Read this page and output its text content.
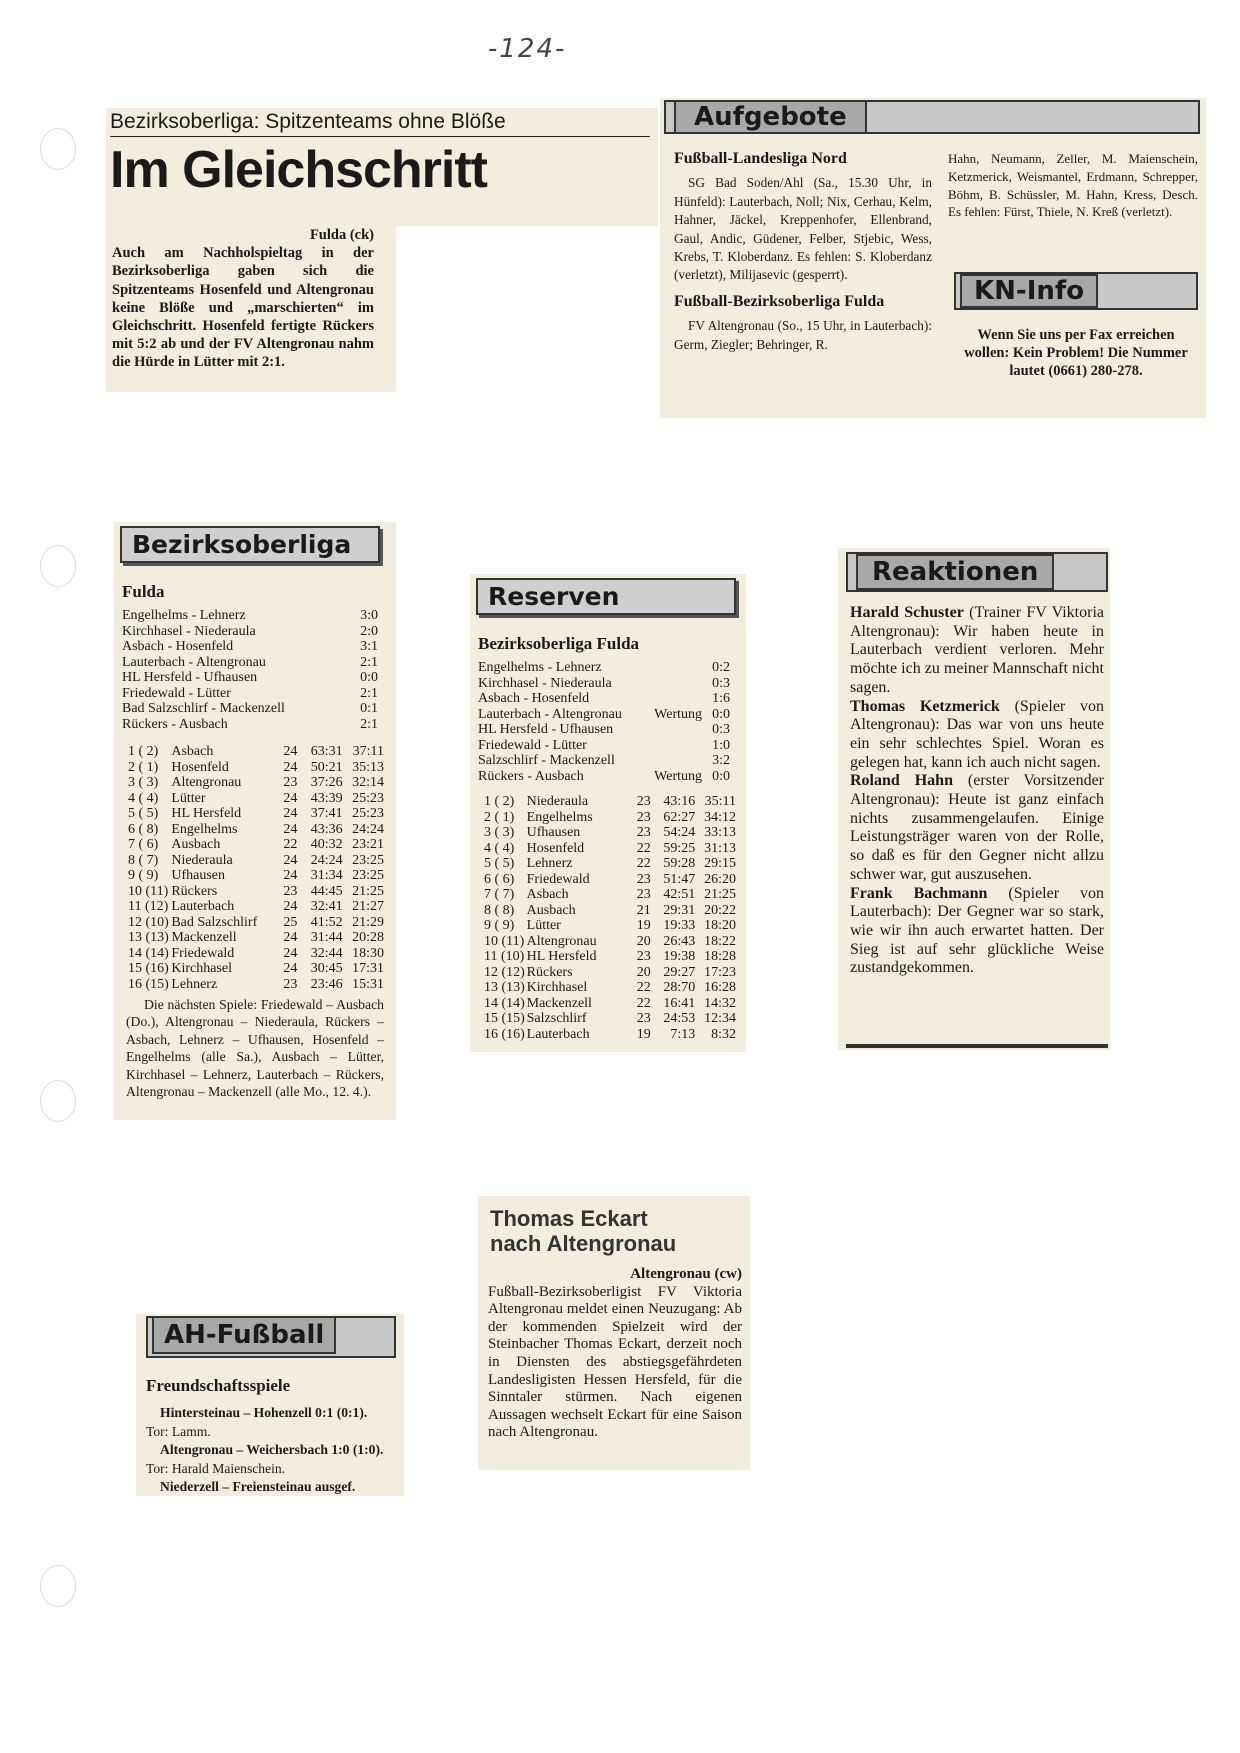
-124-
Bezirksoberliga: Spitzenteams ohne Blöße
Im Gleichschritt
Fulda (ck)
Auch am Nachholspieltag in der Bezirksoberliga gaben sich die Spitzenteams Hosenfeld und Altengronau keine Blöße und „marschierten“ im Gleichschritt. Hosenfeld fertigte Rückers mit 5:2 ab und der FV Altengronau nahm die Hürde in Lütter mit 2:1.
Aufgebote

Fußball-Landesliga Nord

SG Bad Soden/Ahl (Sa., 15.30 Uhr, in Hünfeld): Lauterbach, Noll; Nix, Cerhau, Kelm, Hahner, Jäckel, Kreppenhofer, Ellenbrand, Gaul, Andic, Güdener, Felber, Stjebic, Wess, Krebs, T. Kloberdanz. Es fehlen: S. Kloberdanz (verletzt), Milijasevic (gesperrt).

Fußball-Bezirksoberliga Fulda

FV Altengronau (So., 15 Uhr, in Lauterbach): Germ, Ziegler; Behringer, R.

Hahn, Neumann, Zeller, M. Maienschein, Ketzmerick, Weismantel, Erdmann, Schrepper, Böhm, B. Schüssler, M. Hahn, Kress, Desch. Es fehlen: Fürst, Thiele, N. Kreß (verletzt).
KN-Info
Wenn Sie uns per Fax erreichen wollen: Kein Problem! Die Nummer lautet (0661) 280-278.
Bezirksoberliga
Fulda
Engelhelms - Lehnerz	3:0
Kirchhasel - Niederaula	2:0
Asbach - Hosenfeld	3:1
Lauterbach - Altengronau	2:1
HL Hersfeld - Ufhausen	0:0
Friedewald - Lütter	2:1
Bad Salzschlirf - Mackenzell	0:1
Rückers - Ausbach	2:1
1 ( 2) Asbach	24 63:31 37:11
2 ( 1) Hosenfeld	24 50:21 35:13
3 ( 3) Altengronau	23 37:26 32:14
4 ( 4) Lütter	24 43:39 25:23
5 ( 5) HL Hersfeld	24 37:41 25:23
6 ( 8) Engelhelms	24 43:36 24:24
7 ( 6) Ausbach	22 40:32 23:21
8 ( 7) Niederaula	24 24:24 23:25
9 ( 9) Ufhausen	24 31:34 23:25
10 (11) Rückers	23 44:45 21:25
11 (12) Lauterbach	24 32:41 21:27
12 (10) Bad Salzschlirf	25 41:52 21:29
13 (13) Mackenzell	24 31:44 20:28
14 (14) Friedewald	24 32:44 18:30
15 (16) Kirchhasel	24 30:45 17:31
16 (15) Lehnerz	23 23:46 15:31
Die nächsten Spiele: Friedewald – Ausbach (Do.), Altengronau – Niederaula, Rückers – Asbach, Lehnerz – Ufhausen, Hosenfeld – Engelhelms (alle Sa.), Ausbach – Lütter, Kirchhasel – Lehnerz, Lauterbach – Rückers, Altengronau – Mackenzell (alle Mo., 12. 4.).
Reserven
Bezirksoberliga Fulda
Engelhelms - Lehnerz	0:2
Kirchhasel - Niederaula	0:3
Asbach - Hosenfeld	1:6
Lauterbach - Altengronau	Wertung 0:0
HL Hersfeld - Ufhausen	0:3
Friedewald - Lütter	1:0
Salzschlirf - Mackenzell	3:2
Rückers - Ausbach	Wertung 0:0
1 ( 2) Niederaula	23 43:16 35:11
2 ( 1) Engelhelms	23 62:27 34:12
3 ( 3) Ufhausen	23 54:24 33:13
4 ( 4) Hosenfeld	22 59:25 31:13
5 ( 5) Lehnerz	22 59:28 29:15
6 ( 6) Friedewald	23 51:47 26:20
7 ( 7) Asbach	23 42:51 21:25
8 ( 8) Ausbach	21 29:31 20:22
9 ( 9) Lütter	19 19:33 18:20
10 (11) Altengronau	20 26:43 18:22
11 (10) HL Hersfeld	23 19:38 18:28
12 (12) Rückers	20 29:27 17:23
13 (13) Kirchhasel	22 28:70 16:28
14 (14) Mackenzell	22 16:41 14:32
15 (15) Salzschlirf	23 24:53 12:34
16 (16) Lauterbach	19	7:13	8:32
Reaktionen

Harald Schuster (Trainer FV Viktoria Altengronau): Wir haben heute in Lauterbach verdient verloren. Mehr möchte ich zu meiner Mannschaft nicht sagen.

Thomas Ketzmerick (Spieler von Altengronau): Das war von uns heute ein sehr schlechtes Spiel. Woran es gelegen hat, kann ich auch nicht sagen.

Roland Hahn (erster Vorsitzender Altengronau): Heute ist ganz einfach nichts zusammengelaufen. Einige Leistungsträger waren von der Rolle, so daß es für den Gegner nicht allzu schwer war, gut auszusehen.

Frank Bachmann (Spieler von Lauterbach): Der Gegner war so stark, wie wir ihn auch erwartet hatten. Der Sieg ist auf sehr glückliche Weise zustandgekommen.

Thomas Eckart
nach Altengronau
Altengronau (cw)
Fußball-Bezirksoberligist FV Viktoria Altengronau meldet einen Neuzugang: Ab der kommenden Spielzeit wird der Steinbacher Thomas Eckart, derzeit noch in Diensten des abstiegsgefährdeten Landesligisten Hessen Hersfeld, für die Sinntaler stürmen. Nach eigenen Aussagen wechselt Eckart für eine Saison nach Altengronau.
AH-Fußball
Freundschaftsspiele
Hintersteinau – Hohenzell 0:1 (0:1).
Tor: Lamm.
Altengronau – Weichersbach 1:0 (1:0).
Tor: Harald Maienschein.
Niederzell – Freiensteinau ausgef.
